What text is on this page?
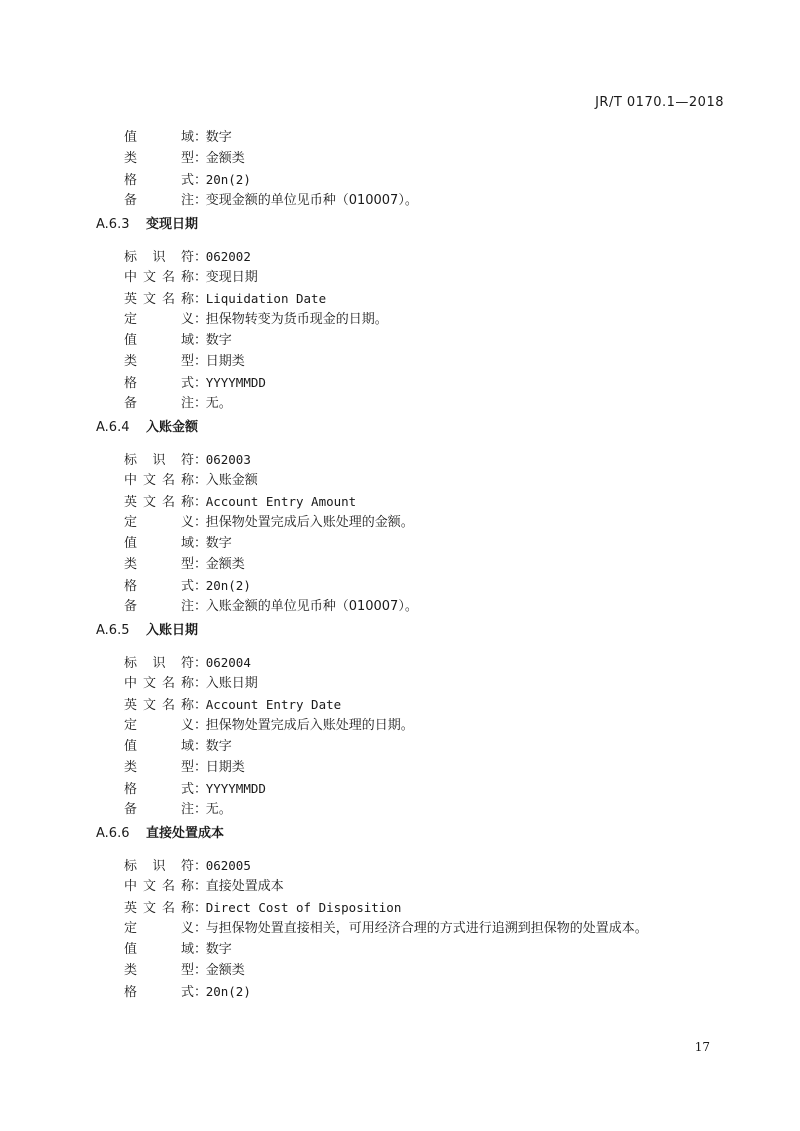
JR/T 0170.1—2018
值　　域：数字
类　　型：金额类
格　　式：20n(2)
备　　注：变现金额的单位见币种（010007）。
A.6.3 变现日期
标 识 符：062002
中文名称：变现日期
英文名称：Liquidation Date
定　　义：担保物转变为货币现金的日期。
值　　域：数字
类　　型：日期类
格　　式：YYYYMMDD
备　　注：无。
A.6.4 入账金额
标 识 符：062003
中文名称：入账金额
英文名称：Account Entry Amount
定　　义：担保物处置完成后入账处理的金额。
值　　域：数字
类　　型：金额类
格　　式：20n(2)
备　　注：入账金额的单位见币种（010007）。
A.6.5 入账日期
标 识 符：062004
中文名称：入账日期
英文名称：Account Entry Date
定　　义：担保物处置完成后入账处理的日期。
值　　域：数字
类　　型：日期类
格　　式：YYYYMMDD
备　　注：无。
A.6.6 直接处置成本
标 识 符：062005
中文名称：直接处置成本
英文名称：Direct Cost of Disposition
定　　义：与担保物处置直接相关，可用经济合理的方式进行追溯到担保物的处置成本。
值　　域：数字
类　　型：金额类
格　　式：20n(2)
17
